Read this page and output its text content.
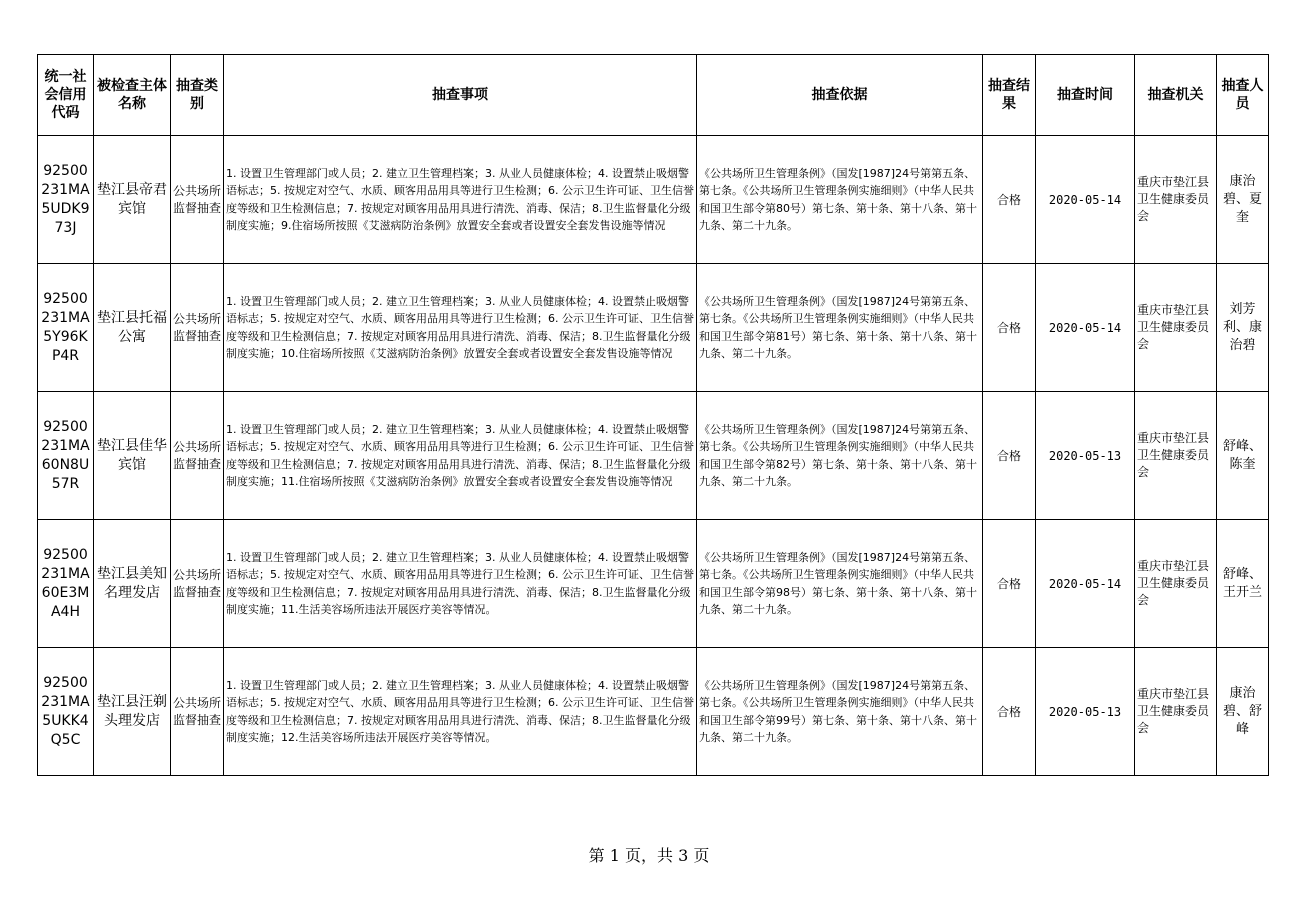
统一社会信用代码	被检查主体名称	抽查类别	抽查事项	抽查依据	抽查结果	抽查时间	抽查机关	抽查人员
92500231MA5UDK973J	垫江县帝君宾馆	公共场所监督抽查	1. 设置卫生管理部门或人员；2. 建立卫生管理档案；3. 从业人员健康体检；4. 设置禁止吸烟警语标志；5. 按规定对空气、水质、顾客用品用具等进行卫生检测；6. 公示卫生许可证、卫生信誉度等级和卫生检测信息；7. 按规定对顾客用品用具进行清洗、消毒、保洁；8.卫生监督量化分级制度实施；9.住宿场所按照《艾滋病防治条例》放置安全套或者设置安全套发售设施等情况	《公共场所卫生管理条例》（国发[1987]24号第第五条、第七条。《公共场所卫生管理条例实施细则》（中华人民共和国卫生部令第80号）第七条、第十条、第十八条、第十九条、第二十九条。	合格	2020-05-14	重庆市垫江县卫生健康委员会	康治碧、夏奎
92500231MA5Y96KP4R	垫江县托福公寓	公共场所监督抽查	1. 设置卫生管理部门或人员；2. 建立卫生管理档案；3. 从业人员健康体检；4. 设置禁止吸烟警语标志；5. 按规定对空气、水质、顾客用品用具等进行卫生检测；6. 公示卫生许可证、卫生信誉度等级和卫生检测信息；7. 按规定对顾客用品用具进行清洗、消毒、保洁；8.卫生监督量化分级制度实施；10.住宿场所按照《艾滋病防治条例》放置安全套或者设置安全套发售设施等情况	《公共场所卫生管理条例》（国发[1987]24号第第五条、第七条。《公共场所卫生管理条例实施细则》（中华人民共和国卫生部令第81号）第七条、第十条、第十八条、第十九条、第二十九条。	合格	2020-05-14	重庆市垫江县卫生健康委员会	刘芳利、康治碧
92500231MA60N8U57R	垫江县佳华宾馆	公共场所监督抽查	1. 设置卫生管理部门或人员；2. 建立卫生管理档案；3. 从业人员健康体检；4. 设置禁止吸烟警语标志；5. 按规定对空气、水质、顾客用品用具等进行卫生检测；6. 公示卫生许可证、卫生信誉度等级和卫生检测信息；7. 按规定对顾客用品用具进行清洗、消毒、保洁；8.卫生监督量化分级制度实施；11.住宿场所按照《艾滋病防治条例》放置安全套或者设置安全套发售设施等情况	《公共场所卫生管理条例》（国发[1987]24号第第五条、第七条。《公共场所卫生管理条例实施细则》（中华人民共和国卫生部令第82号）第七条、第十条、第十八条、第十九条、第二十九条。	合格	2020-05-13	重庆市垫江县卫生健康委员会	舒峰、陈奎
92500231MA60E3MA4H	垫江县美知名理发店	公共场所监督抽查	1. 设置卫生管理部门或人员；2. 建立卫生管理档案；3. 从业人员健康体检；4. 设置禁止吸烟警语标志；5. 按规定对空气、水质、顾客用品用具等进行卫生检测；6. 公示卫生许可证、卫生信誉度等级和卫生检测信息；7. 按规定对顾客用品用具进行清洗、消毒、保洁；8.卫生监督量化分级制度实施；11.生活美容场所违法开展医疗美容等情况。	《公共场所卫生管理条例》（国发[1987]24号第第五条、第七条。《公共场所卫生管理条例实施细则》（中华人民共和国卫生部令第98号）第七条、第十条、第十八条、第十九条、第二十九条。	合格	2020-05-14	重庆市垫江县卫生健康委员会	舒峰、王开兰
92500231MA5UKK4Q5C	垫江县汪剃头理发店	公共场所监督抽查	1. 设置卫生管理部门或人员；2. 建立卫生管理档案；3. 从业人员健康体检；4. 设置禁止吸烟警语标志；5. 按规定对空气、水质、顾客用品用具等进行卫生检测；6. 公示卫生许可证、卫生信誉度等级和卫生检测信息；7. 按规定对顾客用品用具进行清洗、消毒、保洁；8.卫生监督量化分级制度实施；12.生活美容场所违法开展医疗美容等情况。	《公共场所卫生管理条例》（国发[1987]24号第第五条、第七条。《公共场所卫生管理条例实施细则》（中华人民共和国卫生部令第99号）第七条、第十条、第十八条、第十九条、第二十九条。	合格	2020-05-13	重庆市垫江县卫生健康委员会	康治碧、舒峰
第 1 页，共 3 页
